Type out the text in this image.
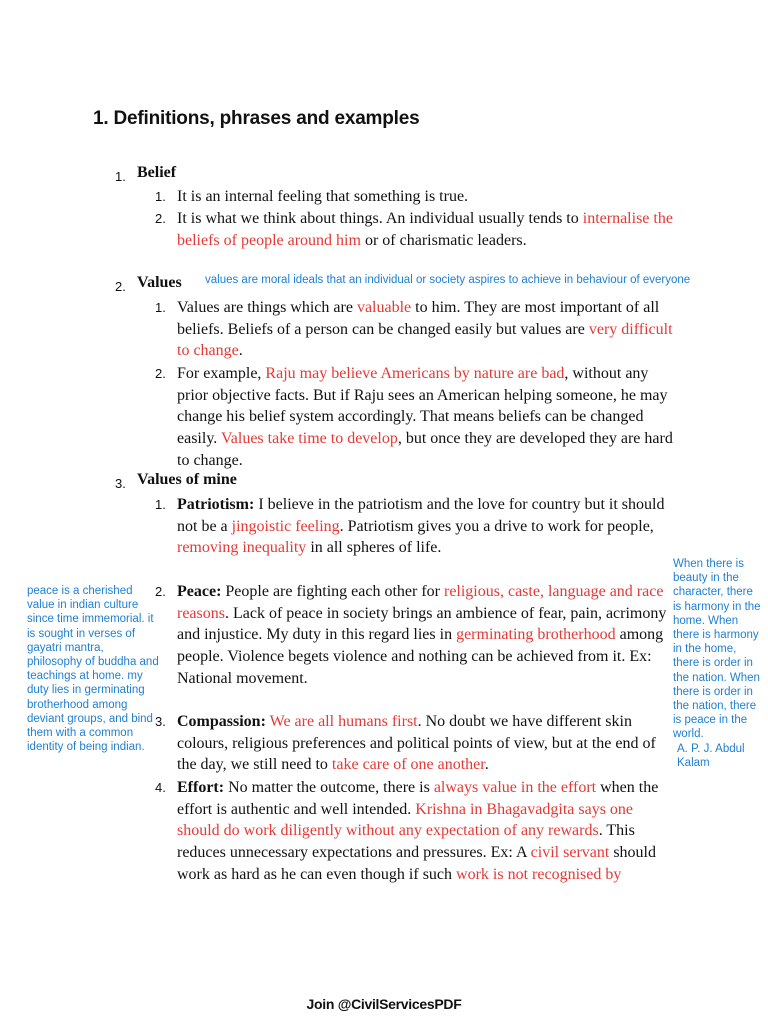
1. Definitions, phrases and examples
1. Belief
1. It is an internal feeling that something is true.
2. It is what we think about things. An individual usually tends to internalise the beliefs of people around him or of charismatic leaders.
2. Values values are moral ideals that an individual or society aspires to achieve in behaviour of everyone
1. Values are things which are valuable to him. They are most important of all beliefs. Beliefs of a person can be changed easily but values are very difficult to change.
2. For example, Raju may believe Americans by nature are bad, without any prior objective facts. But if Raju sees an American helping someone, he may change his belief system accordingly. That means beliefs can be changed easily. Values take time to develop, but once they are developed they are hard to change.
3. Values of mine
1. Patriotism: I believe in the patriotism and the love for country but it should not be a jingoistic feeling. Patriotism gives you a drive to work for people, removing inequality in all spheres of life.
2. Peace: People are fighting each other for religious, caste, language and race reasons. Lack of peace in society brings an ambience of fear, pain, acrimony and injustice. My duty in this regard lies in germinating brotherhood among people. Violence begets violence and nothing can be achieved from it. Ex: National movement.
3. Compassion: We are all humans first. No doubt we have different skin colours, religious preferences and political points of view, but at the end of the day, we still need to take care of one another.
4. Effort: No matter the outcome, there is always value in the effort when the effort is authentic and well intended. Krishna in Bhagavadgita says one should do work diligently without any expectation of any rewards. This reduces unnecessary expectations and pressures. Ex: A civil servant should work as hard as he can even though if such work is not recognised by
peace is a cherished value in indian culture since time immemorial. it is sought in verses of gayatri mantra, philosophy of buddha and teachings at home. my duty lies in germinating brotherhood among deviant groups, and bind them with a common identity of being indian.
When there is beauty in the character, there is harmony in the home. When there is harmony in the home, there is order in the nation. When there is order in the nation, there is peace in the world.
A. P. J. Abdul Kalam
Join @CivilServicesPDF
